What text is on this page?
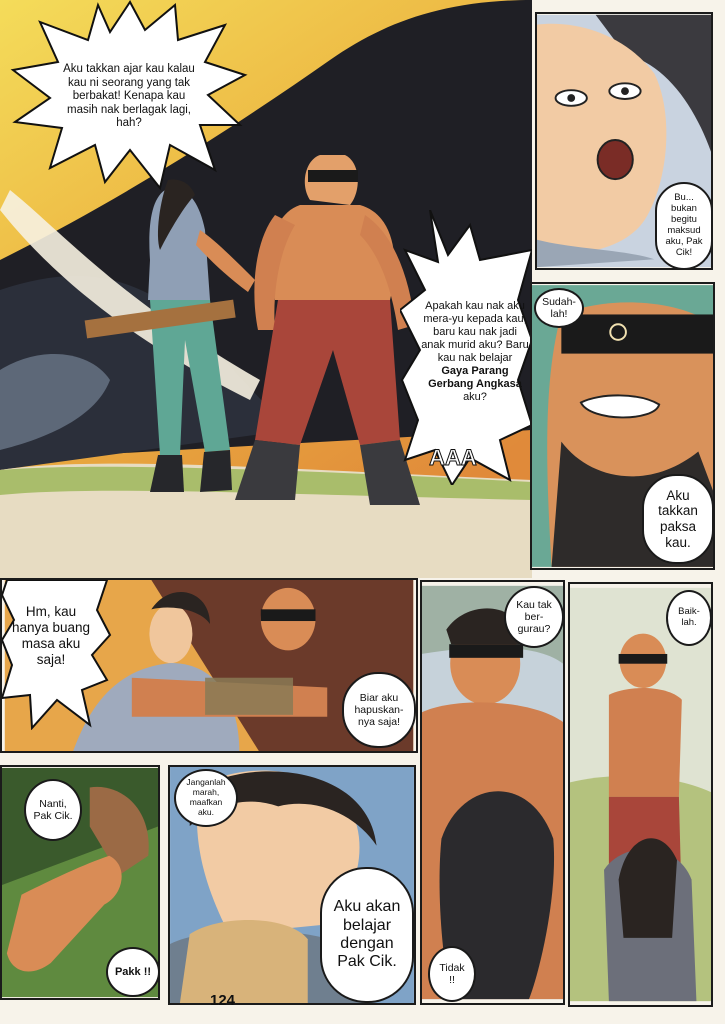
Aku takkan ajar kau kalau kau ni seorang yang tak berbakat! Kenapa kau masih nak berlagak lagi, hah?
Apakah kau nak aku mera-yu kepada kau, baru kau nak jadi anak murid aku? Baru kau nak belajar
Gaya Parang Gerbang Angkasa
aku?
AAA
Bu... bukan begitu maksud aku, Pak Cik!
Sudah-lah!
Aku takkan paksa kau.
Hm, kau hanya buang masa aku saja!
Biar aku hapuskan-nya saja!
Kau tak ber-gurau?
Tidak !!
Baik-lah.
Nanti, Pak Cik.
Pakk !!
Janganlah marah, maafkan aku.
Aku akan belajar dengan Pak Cik.
124
